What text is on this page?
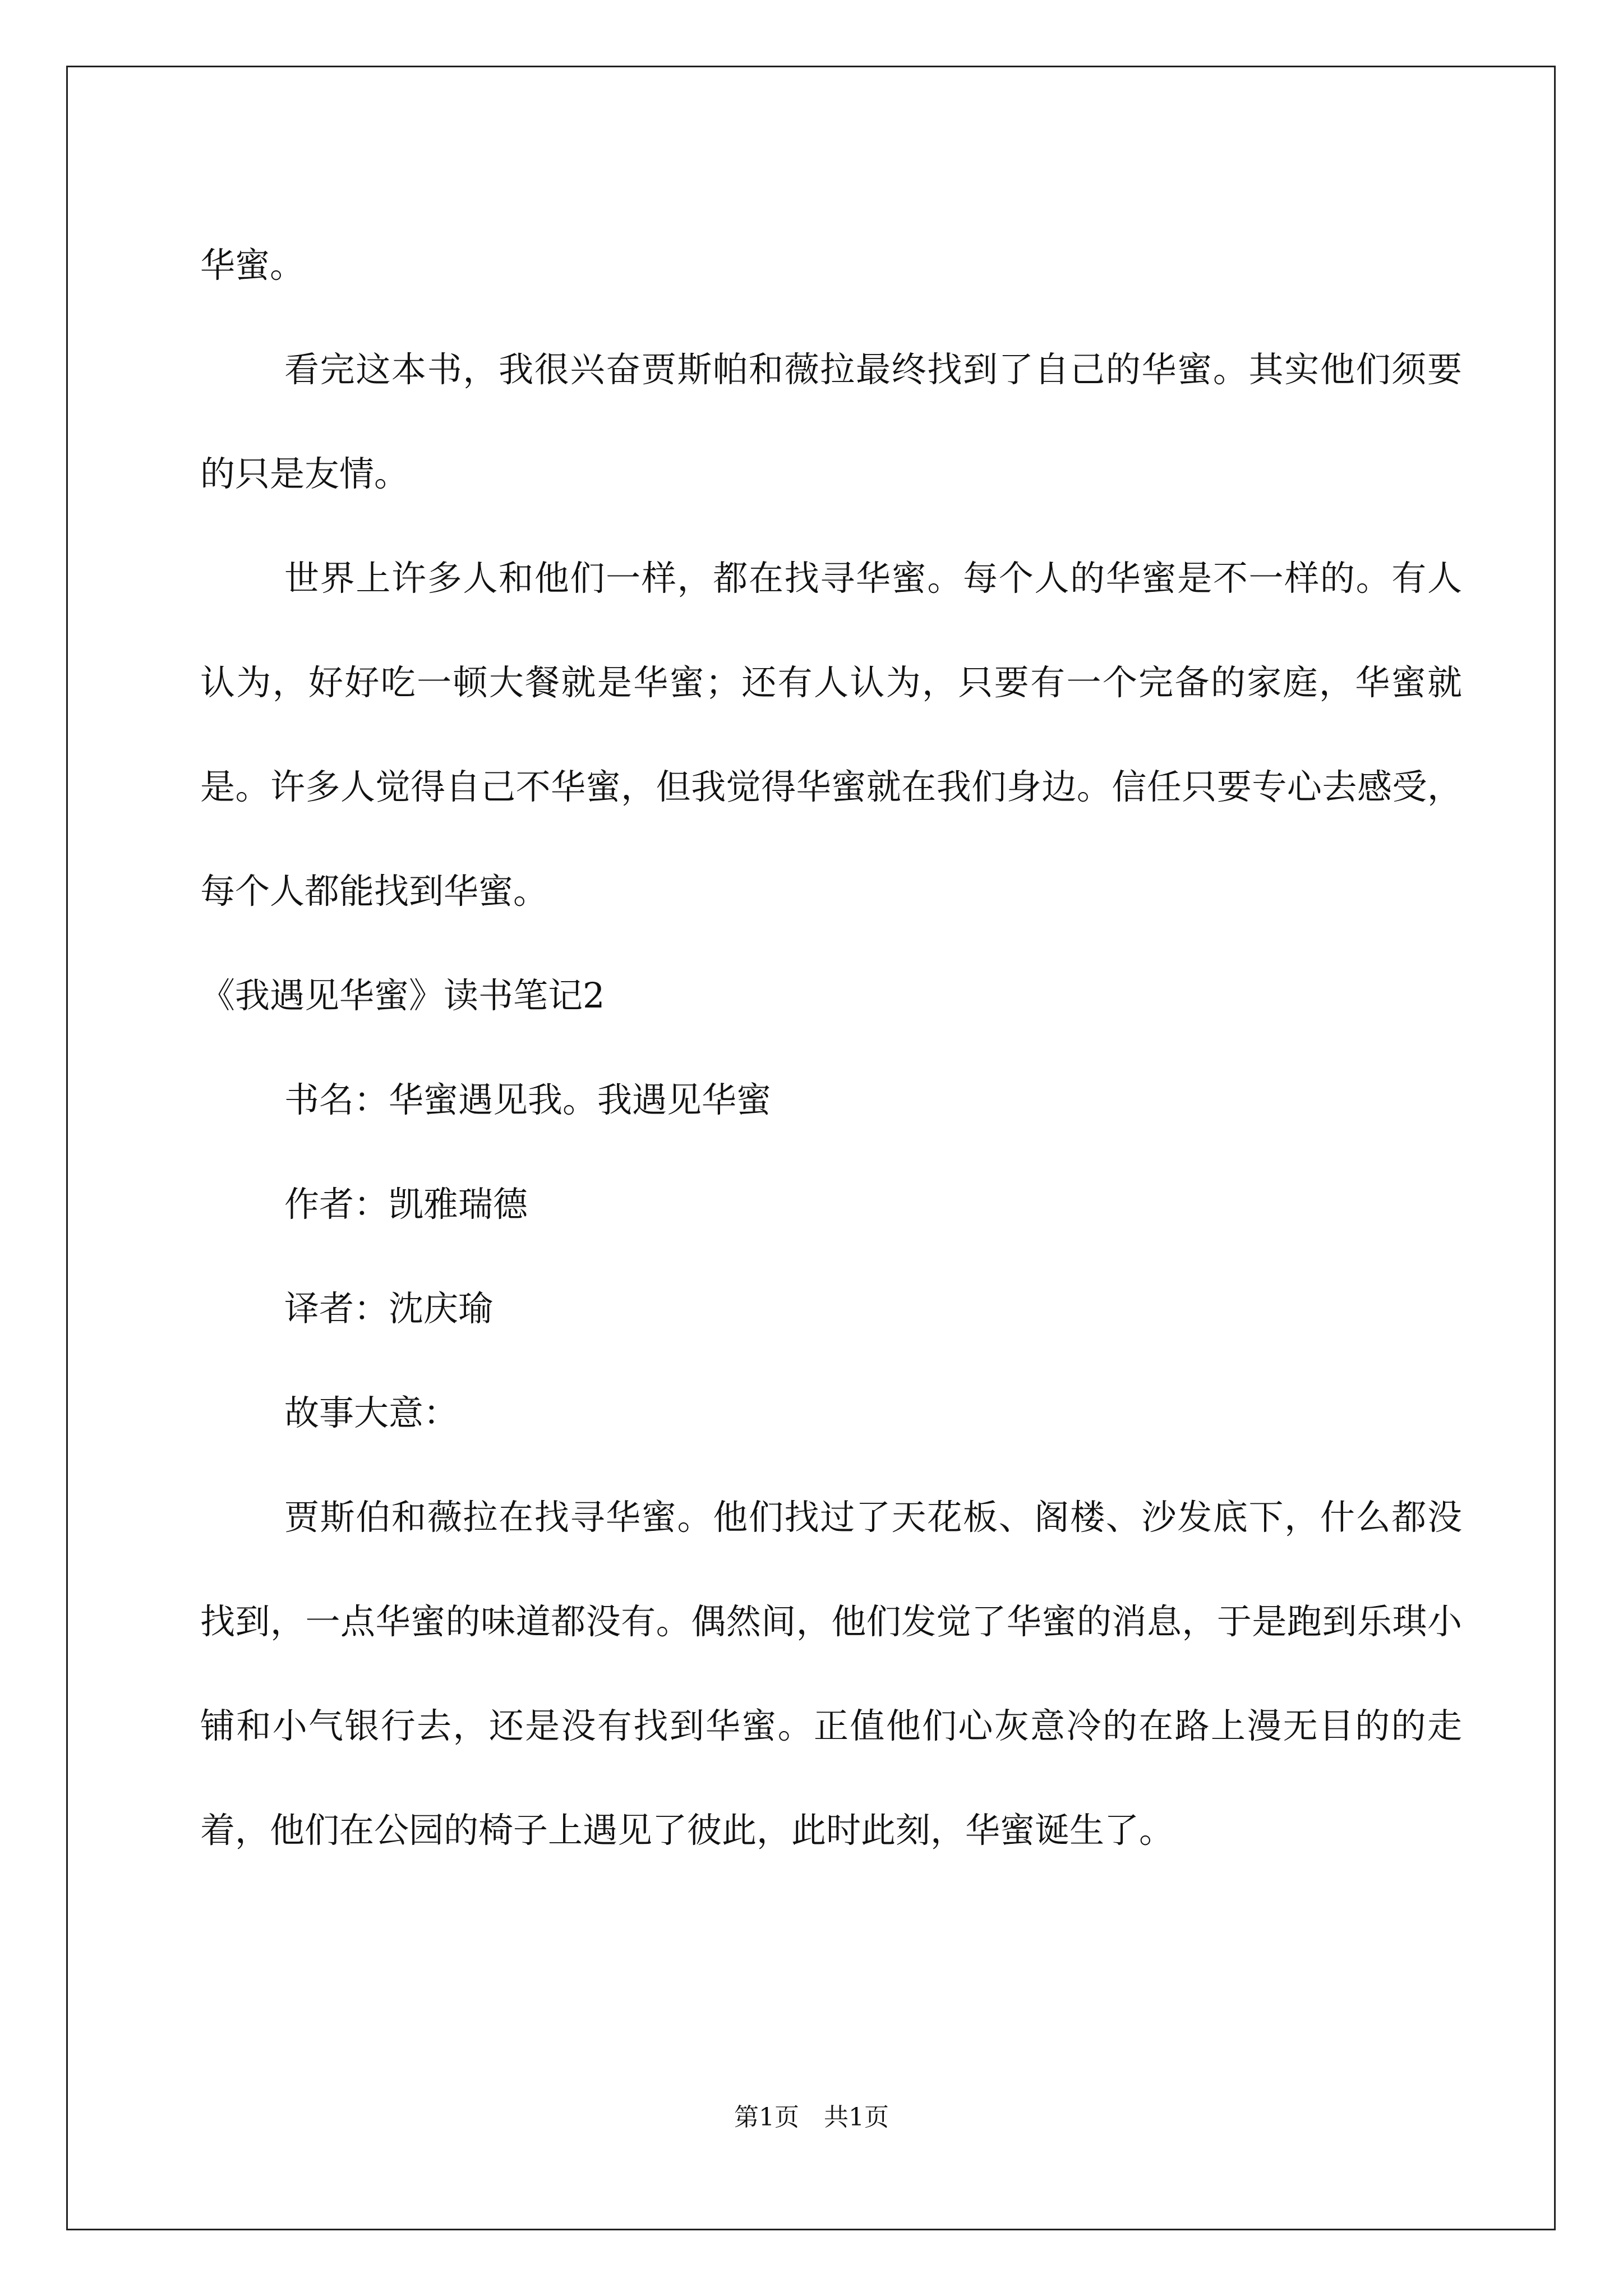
华蜜。

看完这本书，我很兴奋贾斯帕和薇拉最终找到了自己的华蜜。其实他们须要的只是友情。

世界上许多人和他们一样，都在找寻华蜜。每个人的华蜜是不一样的。有人认为，好好吃一顿大餐就是华蜜；还有人认为，只要有一个完备的家庭，华蜜就是。许多人觉得自己不华蜜，但我觉得华蜜就在我们身边。信任只要专心去感受，每个人都能找到华蜜。

《我遇见华蜜》读书笔记2

书名：华蜜遇见我。我遇见华蜜

作者：凯雅瑞德

译者：沈庆瑜

故事大意：

贾斯伯和薇拉在找寻华蜜。他们找过了天花板、阁楼、沙发底下，什么都没找到，一点华蜜的味道都没有。偶然间，他们发觉了华蜜的消息，于是跑到乐琪小铺和小气银行去，还是没有找到华蜜。正值他们心灰意冷的在路上漫无目的的走着，他们在公园的椅子上遇见了彼此，此时此刻，华蜜诞生了。

第1页　共1页
